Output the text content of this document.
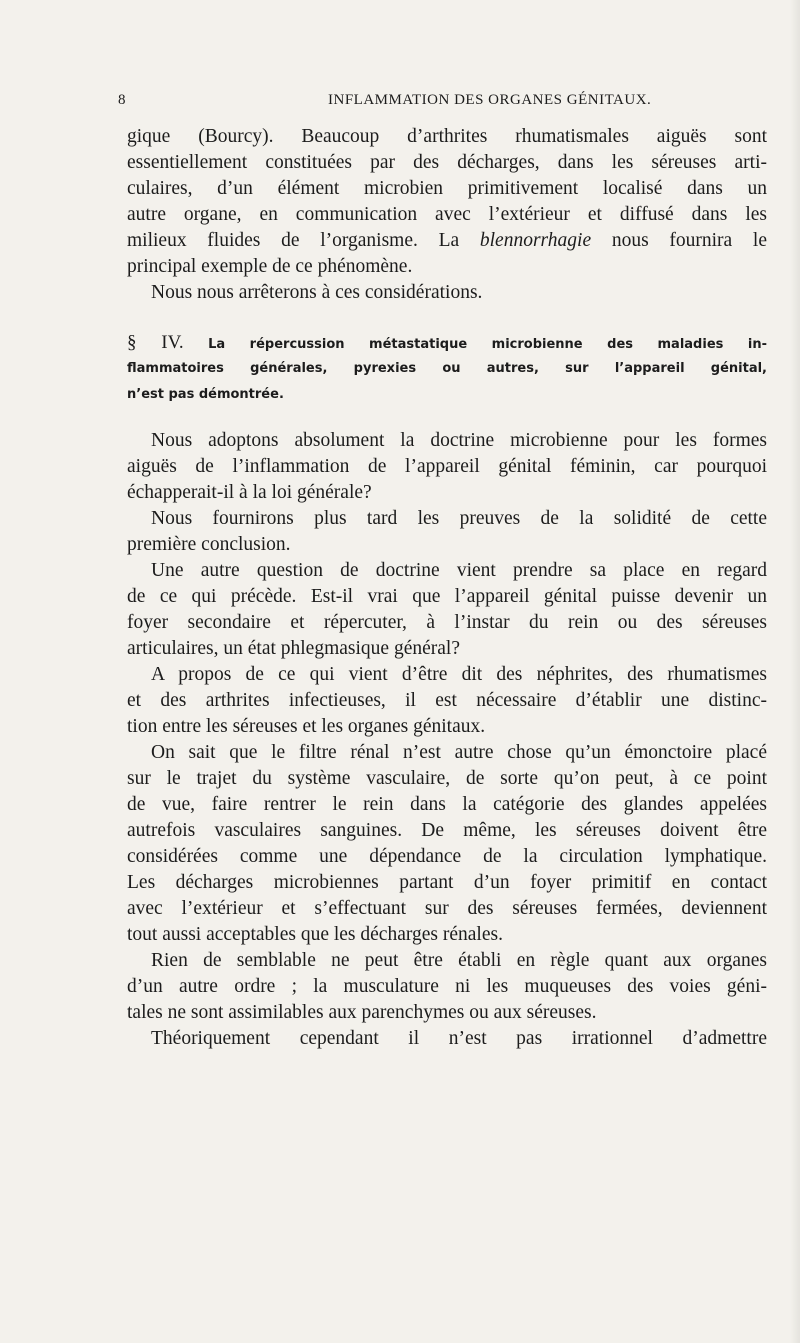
8	INFLAMMATION DES ORGANES GÉNITAUX.
gique (Bourcy). Beaucoup d’arthrites rhumatismales aiguës sont
essentiellement constituées par des décharges, dans les séreuses arti-
culaires, d’un élément microbien primitivement localisé dans un
autre organe, en communication avec l’extérieur et diffusé dans les
milieux fluides de l’organisme. La blennorrhagie nous fournira le
principal exemple de ce phénomène.
Nous nous arrêterons à ces considérations.
§ IV. La répercussion métastatique microbienne des maladies in-
flammatoires générales, pyrexies ou autres, sur l’appareil génital,
n’est pas démontrée.
Nous adoptons absolument la doctrine microbienne pour les formes
aiguës de l’inflammation de l’appareil génital féminin, car pourquoi
échapperait-il à la loi générale?
Nous fournirons plus tard les preuves de la solidité de cette
première conclusion.
Une autre question de doctrine vient prendre sa place en regard
de ce qui précède. Est-il vrai que l’appareil génital puisse devenir un
foyer secondaire et répercuter, à l’instar du rein ou des séreuses
articulaires, un état phlegmasique général?
A propos de ce qui vient d’être dit des néphrites, des rhumatismes
et des arthrites infectieuses, il est nécessaire d’établir une distinc-
tion entre les séreuses et les organes génitaux.
On sait que le filtre rénal n’est autre chose qu’un émonctoire placé
sur le trajet du système vasculaire, de sorte qu’on peut, à ce point
de vue, faire rentrer le rein dans la catégorie des glandes appelées
autrefois vasculaires sanguines. De même, les séreuses doivent être
considérées comme une dépendance de la circulation lymphatique.
Les décharges microbiennes partant d’un foyer primitif en contact
avec l’extérieur et s’effectuant sur des séreuses fermées, deviennent
tout aussi acceptables que les décharges rénales.
Rien de semblable ne peut être établi en règle quant aux organes
d’un autre ordre ; la musculature ni les muqueuses des voies géni-
tales ne sont assimilables aux parenchymes ou aux séreuses.
Théoriquement cependant il n’est pas irrationnel d’admettre
